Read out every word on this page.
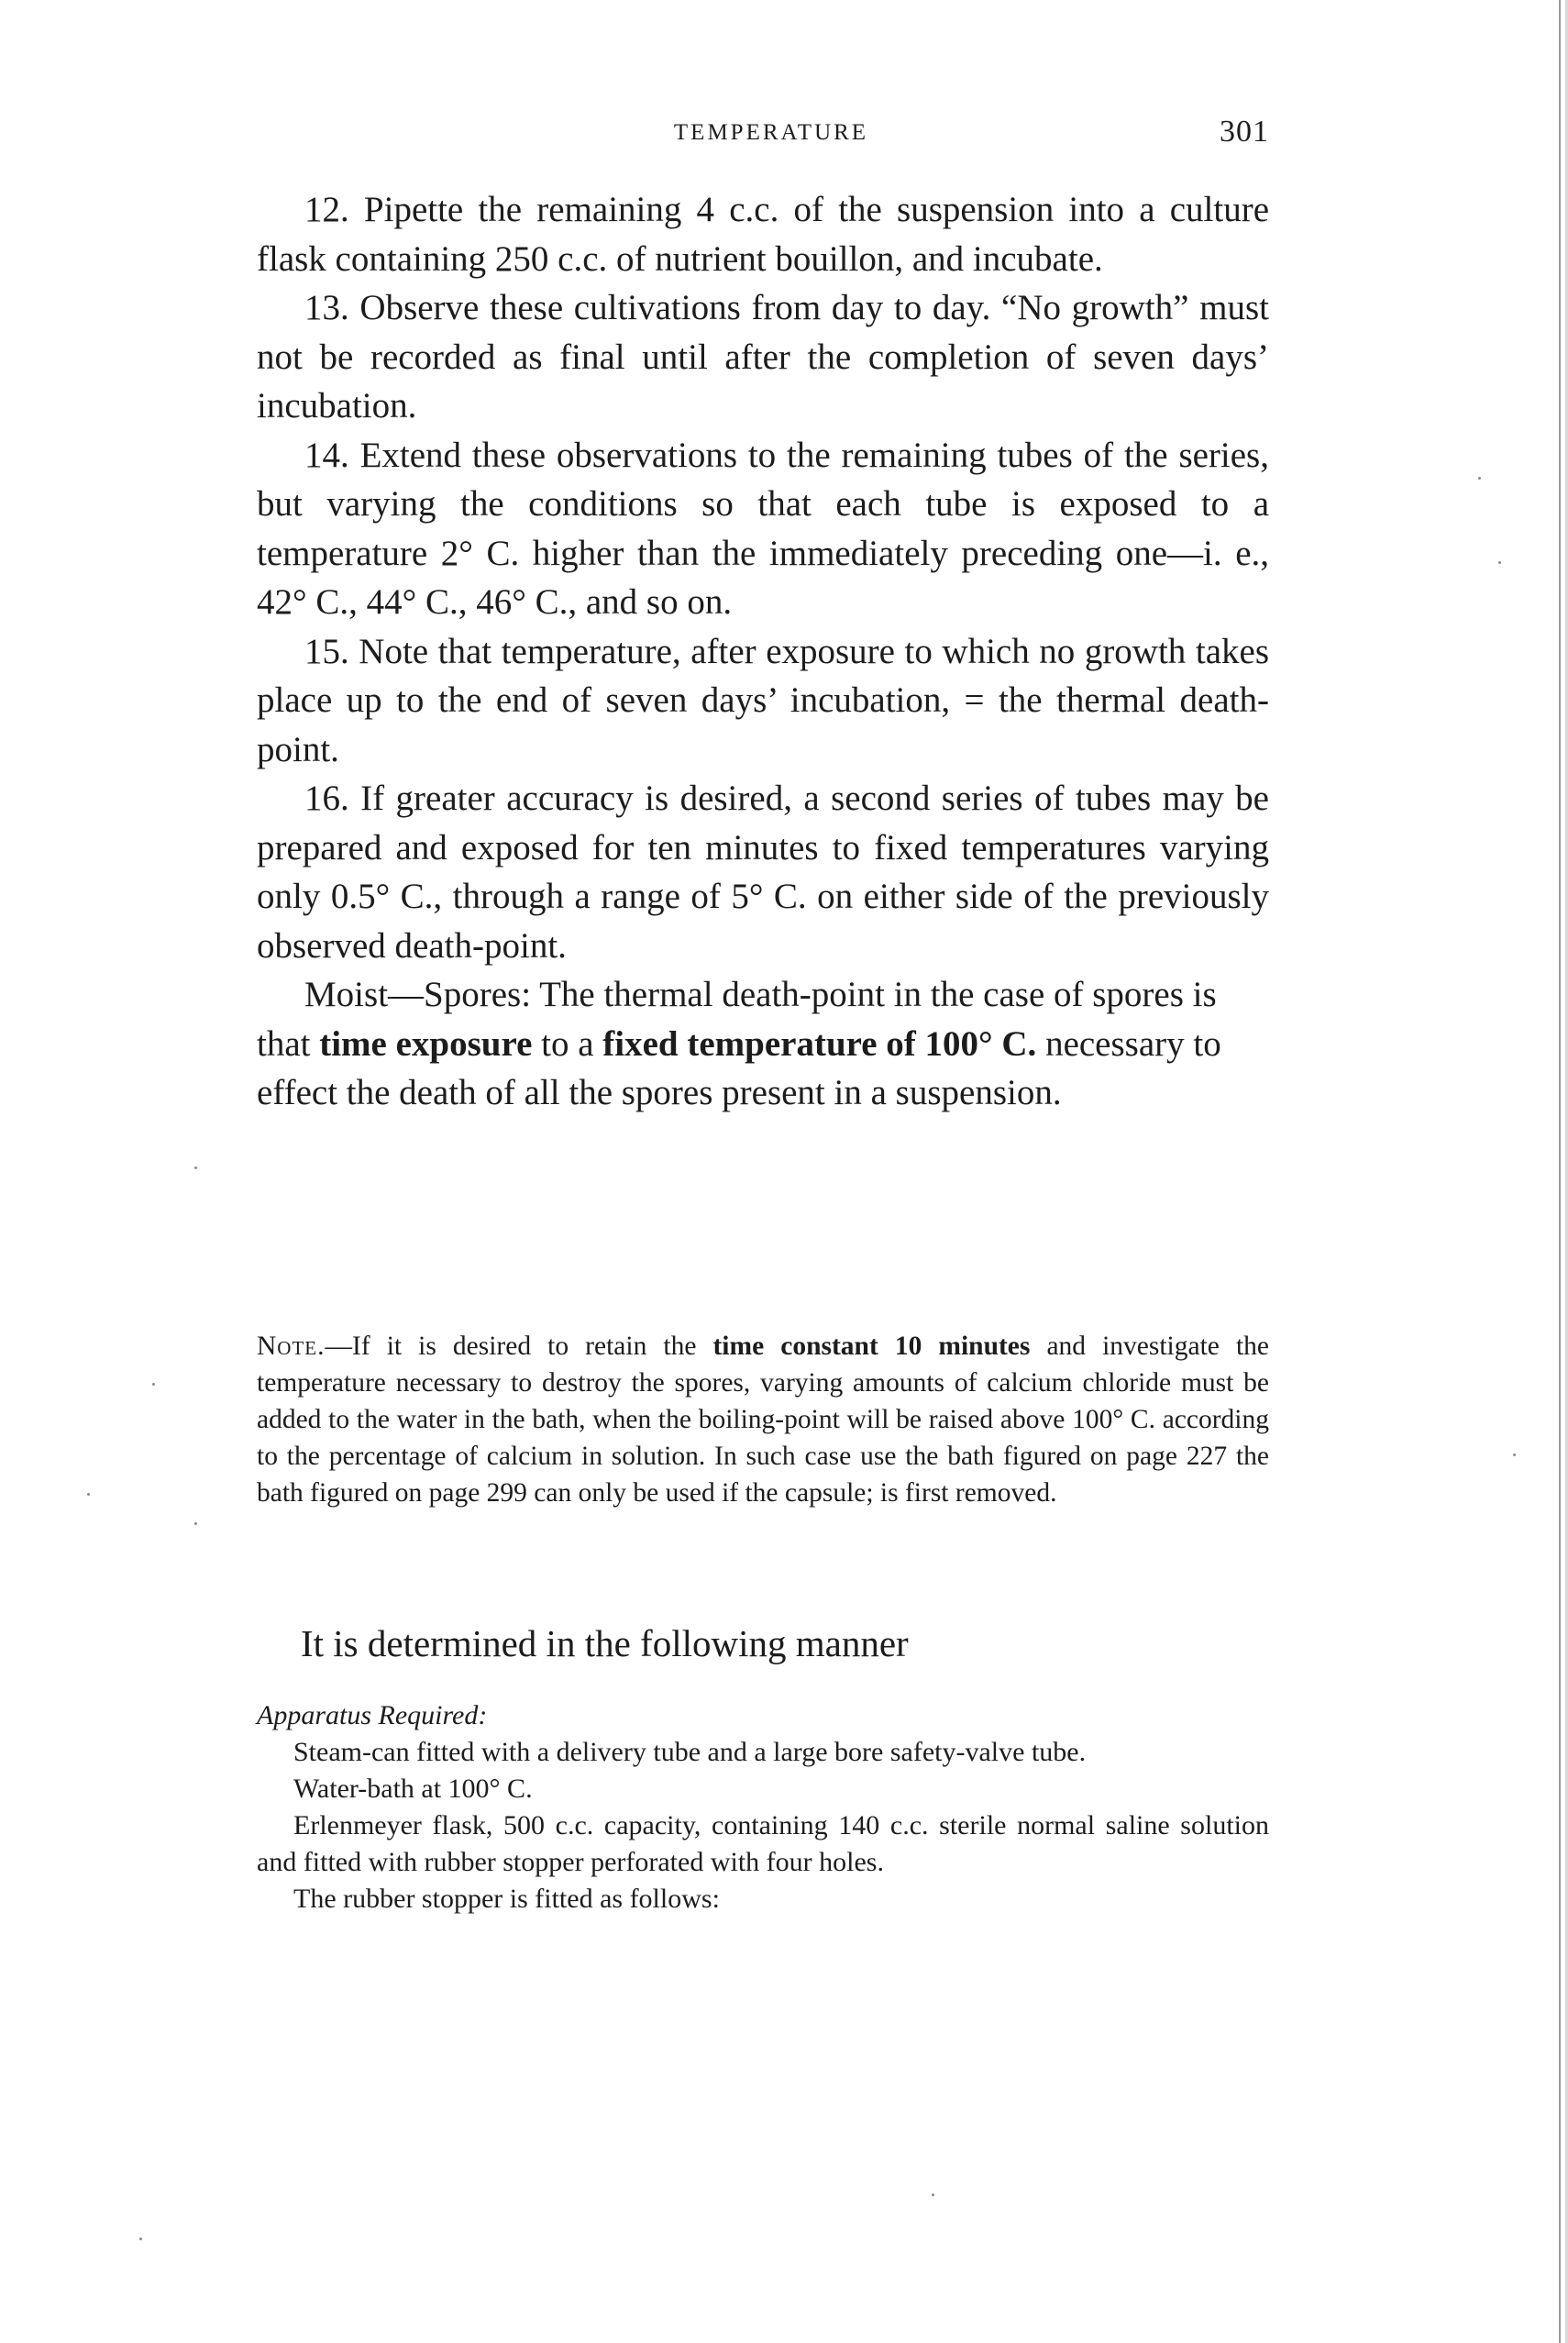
TEMPERATURE	301

12. Pipette the remaining 4 c.c. of the suspension into a culture flask containing 250 c.c. of nutrient bouillon, and incubate.

13. Observe these cultivations from day to day. “No growth” must not be recorded as final until after the completion of seven days’ incubation.

14. Extend these observations to the remaining tubes of the series, but varying the conditions so that each tube is exposed to a temperature 2° C. higher than the immediately preceding one—i. e., 42° C., 44° C., 46° C., and so on.

15. Note that temperature, after exposure to which no growth takes place up to the end of seven days’ incubation, = the thermal death-point.

16. If greater accuracy is desired, a second series of tubes may be prepared and exposed for ten minutes to fixed temperatures varying only 0.5° C., through a range of 5° C. on either side of the previously observed death-point.

Moist—Spores: The thermal death-point in the case of spores is that time exposure to a fixed temperature of 100° C. necessary to effect the death of all the spores present in a suspension.

Note.—If it is desired to retain the time constant 10 minutes and investigate the temperature necessary to destroy the spores, varying amounts of calcium chloride must be added to the water in the bath, when the boiling-point will be raised above 100° C. according to the percentage of calcium in solution. In such case use the bath figured on page 227 the bath figured on page 299 can only be used if the capsule; is first removed.

It is determined in the following manner

Apparatus Required:

Steam-can fitted with a delivery tube and a large bore safety-valve tube.

Water-bath at 100° C.

Erlenmeyer flask, 500 c.c. capacity, containing 140 c.c. sterile normal saline solution and fitted with rubber stopper perforated with four holes.

The rubber stopper is fitted as follows:
